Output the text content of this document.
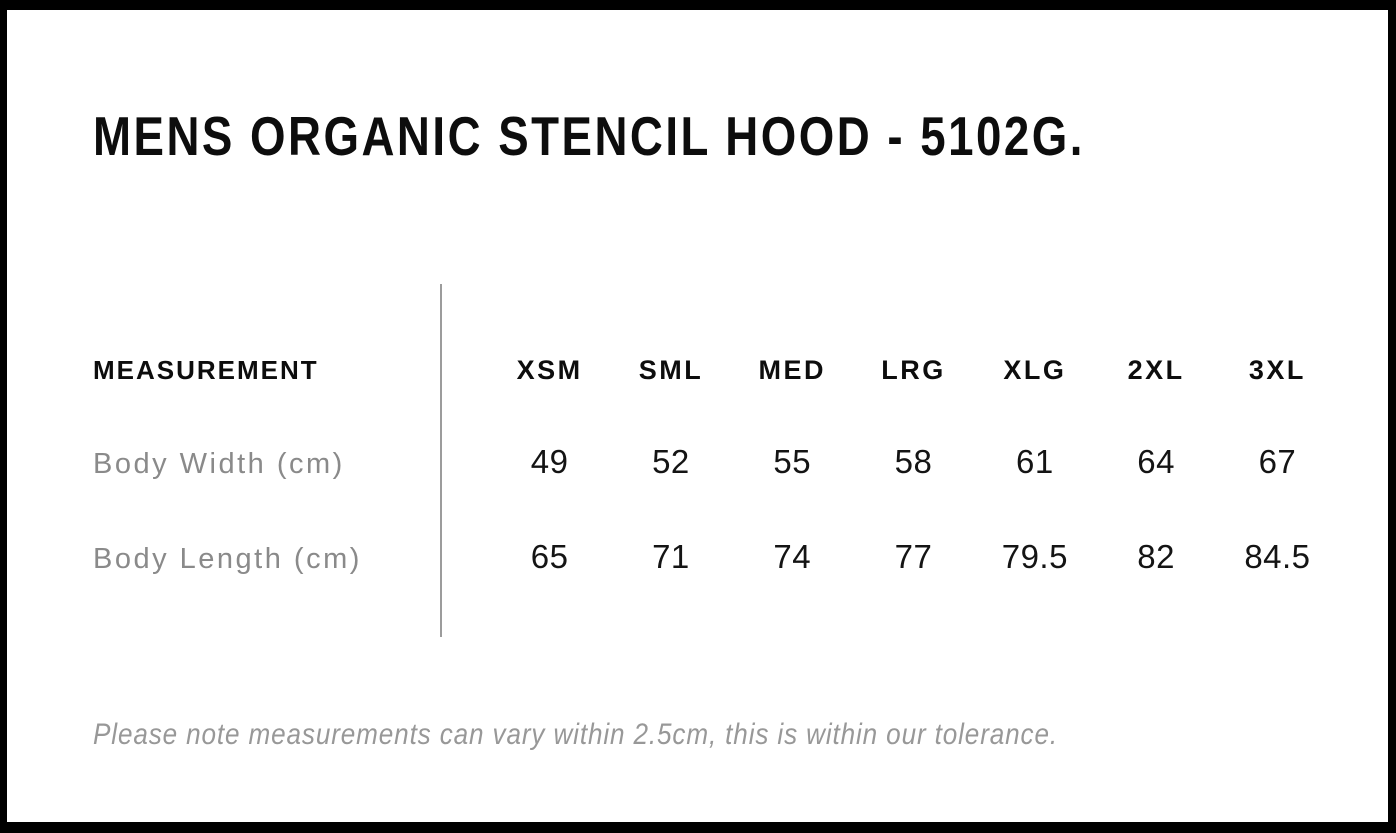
MENS ORGANIC STENCIL HOOD - 5102G.
MEASUREMENT	XSM	SML	MED	LRG	XLG	2XL	3XL
Body Width (cm)	49	52	55	58	61	64	67
Body Length (cm)	65	71	74	77	79.5	82	84.5

Please note measurements can vary within 2.5cm, this is within our tolerance.
